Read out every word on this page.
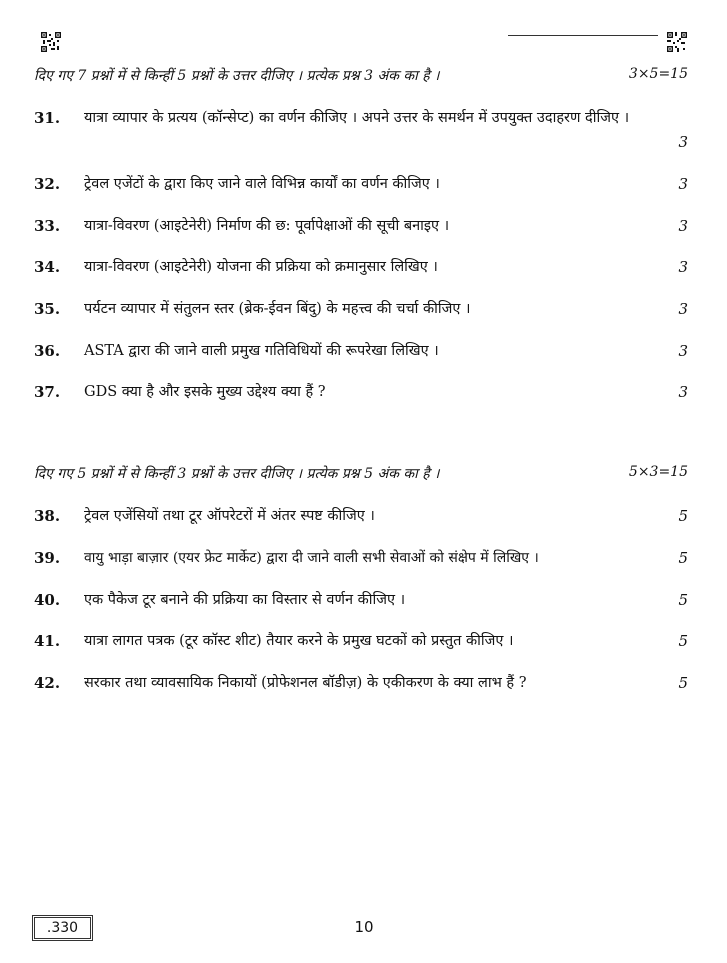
दिए गए 7 प्रश्नों में से किन्हीं 5 प्रश्नों के उत्तर दीजिए । प्रत्येक प्रश्न 3 अंक का है ।	3×5=15
31. यात्रा व्यापार के प्रत्यय (कॉन्सेप्ट) का वर्णन कीजिए । अपने उत्तर के समर्थन में उपयुक्त उदाहरण दीजिए ।
3
32. ट्रेवल एजेंटों के द्वारा किए जाने वाले विभिन्न कार्यों का वर्णन कीजिए ।	3
33. यात्रा-विवरण (आइटेनेरी) निर्माण की छ: पूर्वापेक्षाओं की सूची बनाइए ।	3
34. यात्रा-विवरण (आइटेनेरी) योजना की प्रक्रिया को क्रमानुसार लिखिए ।	3
35. पर्यटन व्यापार में संतुलन स्तर (ब्रेक-ईवन बिंदु) के महत्त्व की चर्चा कीजिए ।	3
36. ASTA द्वारा की जाने वाली प्रमुख गतिविधियों की रूपरेखा लिखिए ।	3
37. GDS क्या है और इसके मुख्य उद्देश्य क्या हैं ?	3
दिए गए 5 प्रश्नों में से किन्हीं 3 प्रश्नों के उत्तर दीजिए । प्रत्येक प्रश्न 5 अंक का है ।	5×3=15
38. ट्रेवल एजेंसियों तथा टूर ऑपरेटरों में अंतर स्पष्ट कीजिए ।	5
39. वायु भाड़ा बाज़ार (एयर फ्रेट मार्केट) द्वारा दी जाने वाली सभी सेवाओं को संक्षेप में लिखिए ।	5
40. एक पैकेज टूर बनाने की प्रक्रिया का विस्तार से वर्णन कीजिए ।	5
41. यात्रा लागत पत्रक (टूर कॉस्ट शीट) तैयार करने के प्रमुख घटकों को प्रस्तुत कीजिए ।	5
42. सरकार तथा व्यावसायिक निकायों (प्रोफेशनल बॉडीज़) के एकीकरण के क्या लाभ हैं ?	5
.330	10
